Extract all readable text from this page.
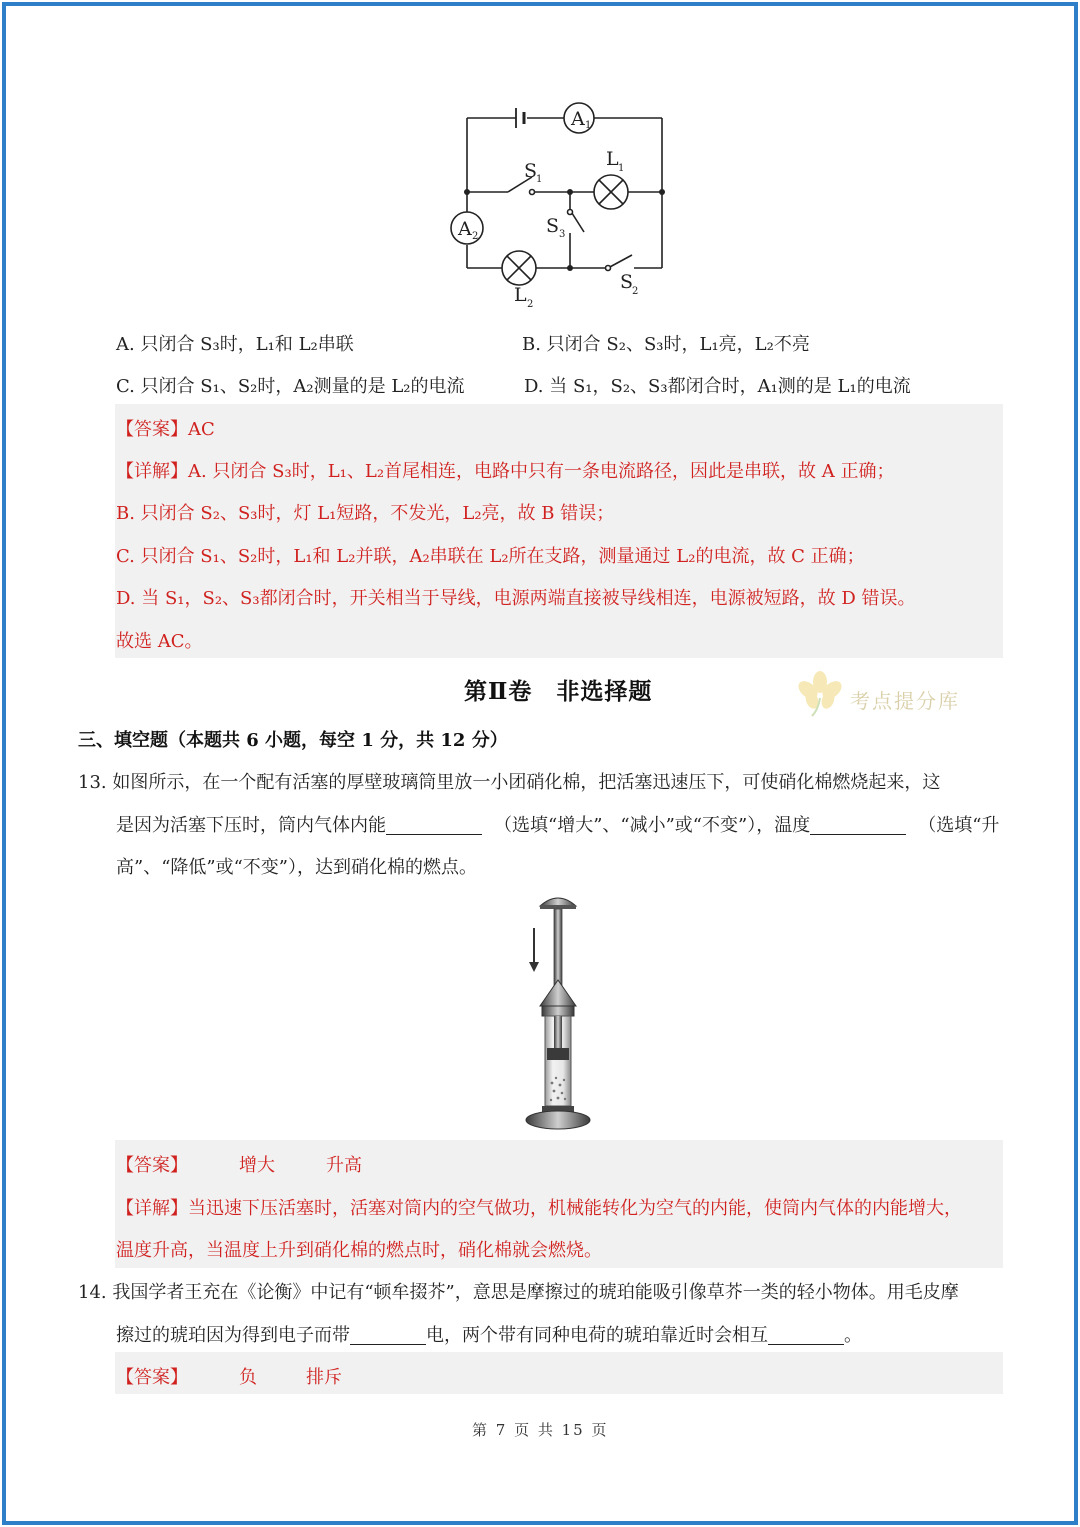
A 1
A 2
S
1
S 3
S
2
L 1
L 2
A. 只闭合 S₃时，L₁和 L₂串联	B. 只闭合 S₂、S₃时，L₁亮，L₂不亮
C. 只闭合 S₁、S₂时，A₂测量的是 L₂的电流	D. 当 S₁，S₂、S₃都闭合时，A₁测的是 L₁的电流
【答案】AC
【详解】A. 只闭合 S₃时，L₁、L₂首尾相连，电路中只有一条电流路径，因此是串联，故 A 正确；
B. 只闭合 S₂、S₃时，灯 L₁短路，不发光，L₂亮，故 B 错误；
C. 只闭合 S₁、S₂时，L₁和 L₂并联，A₂串联在 L₂所在支路，测量通过 L₂的电流，故 C 正确；
D. 当 S₁，S₂、S₃都闭合时，开关相当于导线，电源两端直接被导线相连，电源被短路，故 D 错误。
故选 AC。
第Ⅱ卷　非选择题	考点提分库
三、填空题（本题共 6 小题，每空 1 分，共 12 分）
13. 如图所示，在一个配有活塞的厚壁玻璃筒里放一小团硝化棉，把活塞迅速压下，可使硝化棉燃烧起来，这
是因为活塞下压时，筒内气体内能	（选填“增大”、“减小”或“不变”），温度	（选填“升
高”、“降低”或“不变”），达到硝化棉的燃点。
【答案】	增大	升高
【详解】当迅速下压活塞时，活塞对筒内的空气做功，机械能转化为空气的内能，使筒内气体的内能增大，
温度升高，当温度上升到硝化棉的燃点时，硝化棉就会燃烧。
14. 我国学者王充在《论衡》中记有“顿牟掇芥”，意思是摩擦过的琥珀能吸引像草芥一类的轻小物体。用毛皮摩
擦过的琥珀因为得到电子而带	电，两个带有同种电荷的琥珀靠近时会相互	。
【答案】	负	排斥
第 7 页 共 15 页
